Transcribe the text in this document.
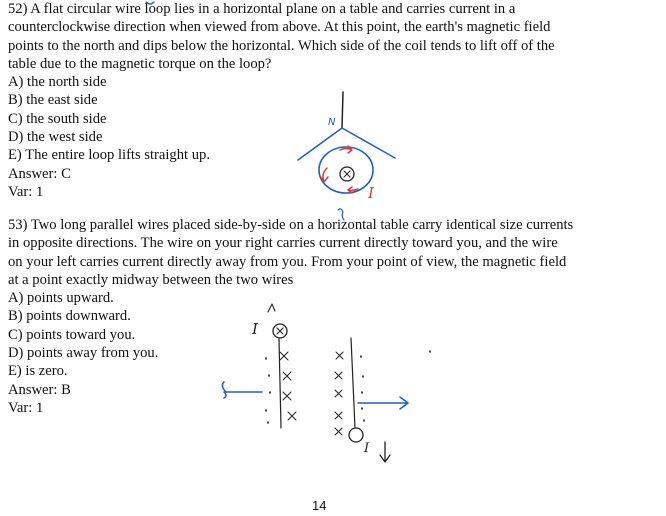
52) A flat circular wire loop lies in a horizontal plane on a table and carries current in a

counterclockwise direction when viewed from above. At this point, the earth's magnetic field

points to the north and dips below the horizontal. Which side of the coil tends to lift off of the

table due to the magnetic torque on the loop?

A) the north side

B) the east side

C) the south side

D) the west side

E) The entire loop lifts straight up.

Answer: C

Var: 1

53) Two long parallel wires placed side-by-side on a horizontal table carry identical size currents

in opposite directions. The wire on your right carries current directly toward you, and the wire

on your left carries current directly away from you. From your point of view, the magnetic field

at a point exactly midway between the two wires

A) points upward.

B) points downward.

C) points toward you.

D) points away from you.

E) is zero.

Answer: B

Var: 1

N
I
I
I
14
